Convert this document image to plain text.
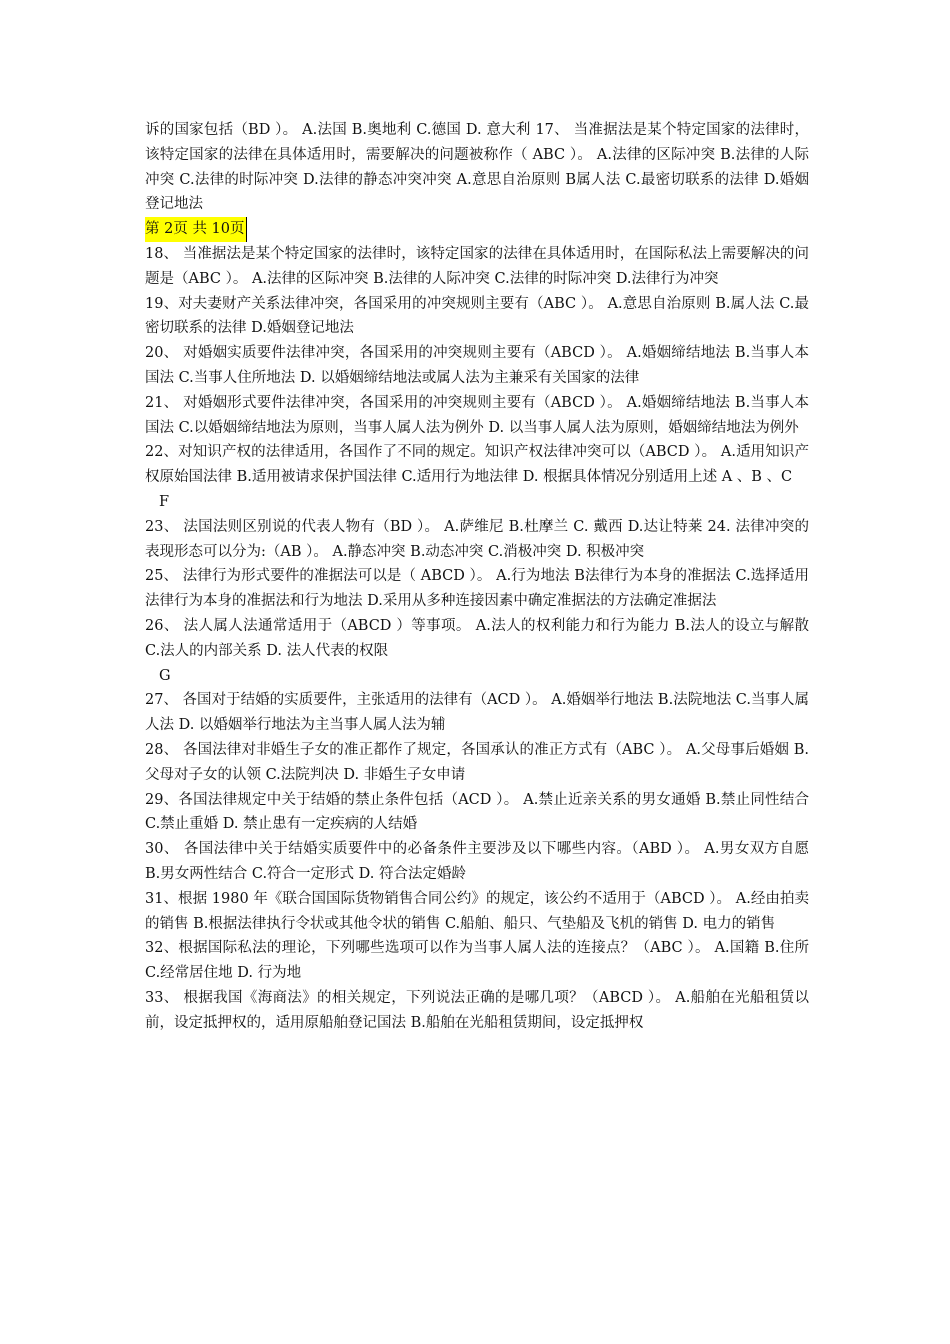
诉的国家包括（BD ）。 A.法国 B.奥地利 C.德国 D. 意大利 17、 当准据法是某个特定国家的法律时，该特定国家的法律在具体适用时，需要解决的问题被称作（ ABC ）。 A.法律的区际冲突 B.法律的人际冲突 C.法律的时际冲突 D.法律的静态冲突冲突 A.意思自治原则 B属人法 C.最密切联系的法律 D.婚姻登记地法

第 2页 共 10页

18、 当准据法是某个特定国家的法律时，该特定国家的法律在具体适用时，在国际私法上需要解决的问题是（ABC ）。 A.法律的区际冲突 B.法律的人际冲突 C.法律的时际冲突 D.法律行为冲突

19、对夫妻财产关系法律冲突，各国采用的冲突规则主要有（ABC ）。 A.意思自治原则 B.属人法 C.最密切联系的法律 D.婚姻登记地法

20、 对婚姻实质要件法律冲突，各国采用的冲突规则主要有（ABCD ）。 A.婚姻缔结地法 B.当事人本国法 C.当事人住所地法 D. 以婚姻缔结地法或属人法为主兼采有关国家的法律

21、 对婚姻形式要件法律冲突，各国采用的冲突规则主要有（ABCD ）。 A.婚姻缔结地法 B.当事人本国法 C.以婚姻缔结地法为原则，当事人属人法为例外 D. 以当事人属人法为原则，婚姻缔结地法为例外

22、对知识产权的法律适用，各国作了不同的规定。知识产权法律冲突可以（ABCD ）。 A.适用知识产权原始国法律 B.适用被请求保护国法律 C.适用行为地法律 D. 根据具体情况分别适用上述 A 、B 、C

F

23、 法国法则区别说的代表人物有（BD ）。 A.萨维尼 B.杜摩兰 C. 戴西 D.达让特莱 24. 法律冲突的表现形态可以分为:（AB ）。 A.静态冲突 B.动态冲突 C.消极冲突 D. 积极冲突

25、 法律行为形式要件的准据法可以是（ ABCD ）。 A.行为地法 B法律行为本身的准据法 C.选择适用法律行为本身的准据法和行为地法 D.采用从多种连接因素中确定准据法的方法确定准据法

26、 法人属人法通常适用于（ABCD ）等事项。 A.法人的权利能力和行为能力 B.法人的设立与解散 C.法人的内部关系 D. 法人代表的权限

G

27、 各国对于结婚的实质要件，主张适用的法律有（ACD ）。 A.婚姻举行地法 B.法院地法 C.当事人属人法 D. 以婚姻举行地法为主当事人属人法为辅

28、 各国法律对非婚生子女的准正都作了规定，各国承认的准正方式有（ABC ）。 A.父母事后婚姻 B.父母对子女的认领 C.法院判决 D. 非婚生子女申请

29、各国法律规定中关于结婚的禁止条件包括（ACD ）。 A.禁止近亲关系的男女通婚 B.禁止同性结合 C.禁止重婚 D. 禁止患有一定疾病的人结婚

30、 各国法律中关于结婚实质要件中的必备条件主要涉及以下哪些内容。（ABD ）。 A.男女双方自愿 B.男女两性结合 C.符合一定形式 D. 符合法定婚龄

31、根据 1980 年《联合国国际货物销售合同公约》的规定，该公约不适用于（ABCD ）。 A.经由拍卖的销售 B.根据法律执行令状或其他令状的销售 C.船舶、船只、气垫船及飞机的销售 D. 电力的销售

32、根据国际私法的理论，下列哪些选项可以作为当事人属人法的连接点？（ABC ）。 A.国籍 B.住所 C.经常居住地 D. 行为地

33、 根据我国《海商法》的相关规定，下列说法正确的是哪几项？（ABCD ）。 A.船舶在光船租赁以前，设定抵押权的，适用原船舶登记国法 B.船舶在光船租赁期间，设定抵押权
